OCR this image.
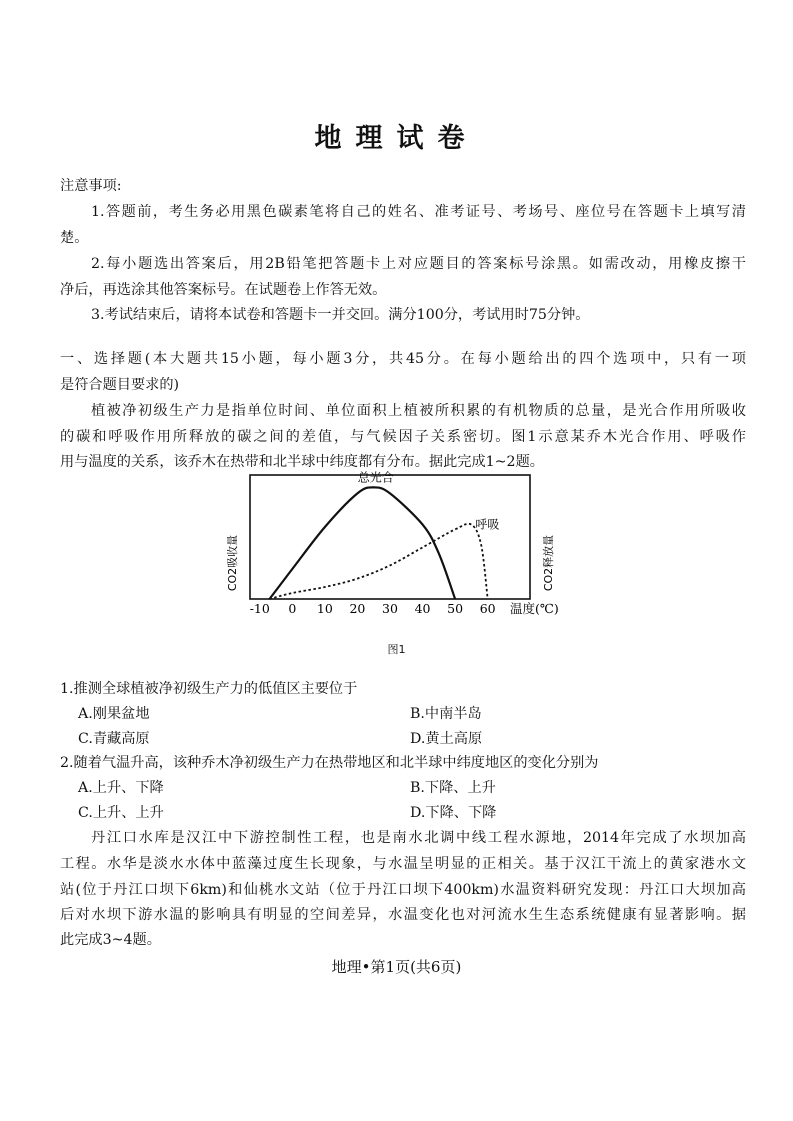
地理试卷
注意事项:
1.答题前，考生务必用黑色碳素笔将自己的姓名、准考证号、考场号、座位号在答题卡上填写清
楚。
2.每小题选出答案后，用2B铅笔把答题卡上对应题目的答案标号涂黑。如需改动，用橡皮擦干
净后，再选涂其他答案标号。在试题卷上作答无效。
3.考试结束后，请将本试卷和答题卡一并交回。满分100分，考试用时75分钟。
一、选择题(本大题共15小题，每小题3分，共45分。在每小题给出的四个选项中，只有一项
是符合题目要求的)
植被净初级生产力是指单位时间、单位面积上植被所积累的有机物质的总量，是光合作用所吸收
的碳和呼吸作用所释放的碳之间的差值，与气候因子关系密切。图1示意某乔木光合作用、呼吸作
用与温度的关系，该乔木在热带和北半球中纬度都有分布。据此完成1~2题。
CO2吸收量	CO2释放量
-10 0 10 20 30 40 50 60
总光合
呼吸
温度(℃)
图1
1.推测全球植被净初级生产力的低值区主要位于
A.刚果盆地	B.中南半岛
C.青藏高原	D.黄土高原
2.随着气温升高，该种乔木净初级生产力在热带地区和北半球中纬度地区的变化分别为
A.上升、下降	B.下降、上升
C.上升、上升	D.下降、下降
丹江口水库是汉江中下游控制性工程，也是南水北调中线工程水源地，2014年完成了水坝加高
工程。水华是淡水水体中蓝藻过度生长现象，与水温呈明显的正相关。基于汉江干流上的黄家港水文
站(位于丹江口坝下6km)和仙桃水文站（位于丹江口坝下400km)水温资料研究发现：丹江口大坝加高
后对水坝下游水温的影响具有明显的空间差异，水温变化也对河流水生生态系统健康有显著影响。据
此完成3~4题。
地理•第1页(共6页)
